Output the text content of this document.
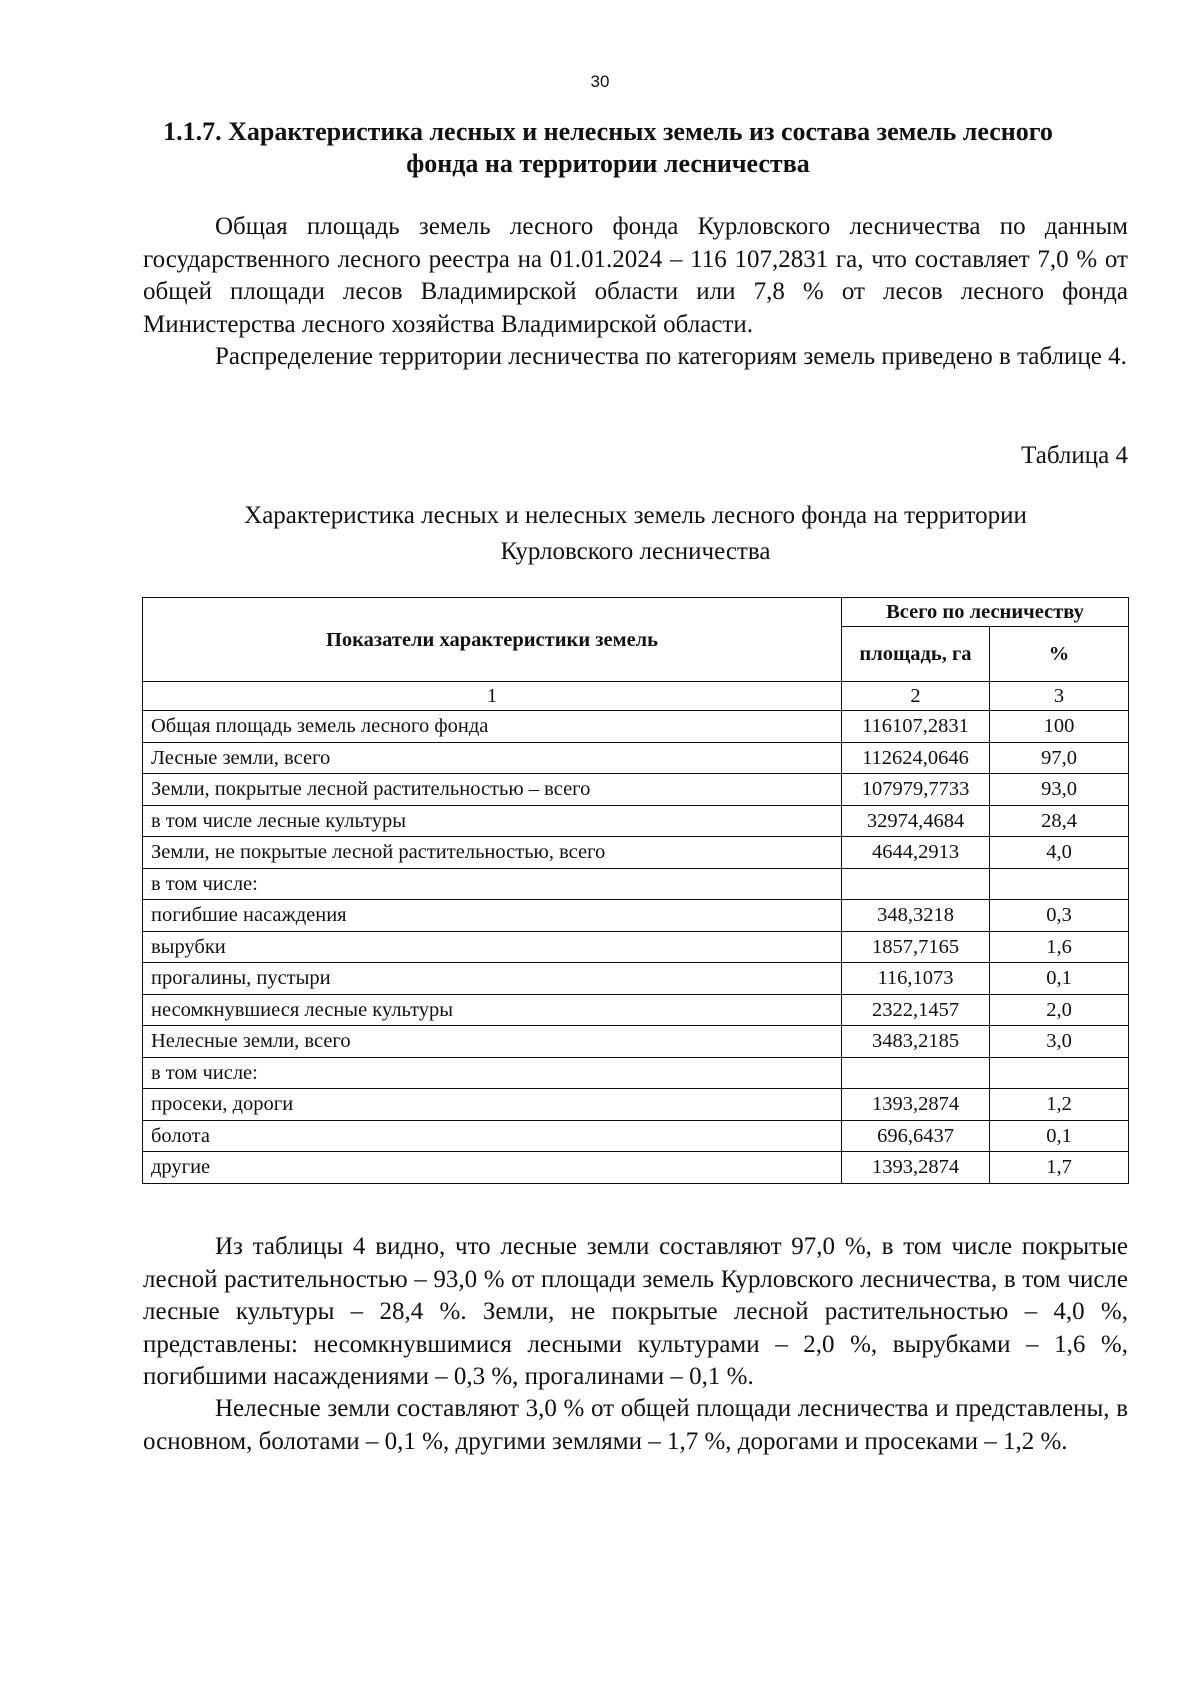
30
1.1.7. Характеристика лесных и нелесных земель из состава земель лесного фонда на территории лесничества

Общая площадь земель лесного фонда Курловского лесничества по данным государственного лесного реестра на 01.01.2024 – 116 107,2831 га, что составляет 7,0 % от общей площади лесов Владимирской области или 7,8 % от лесов лесного фонда Министерства лесного хозяйства Владимирской области.

Распределение территории лесничества по категориям земель приведено в таблице 4.

Таблица 4
Характеристика лесных и нелесных земель лесного фонда на территории
Курловского лесничества
Показатели характеристики земель	Всего по лесничеству	
	площадь, га	%
1	2	3
Общая площадь земель лесного фонда	116107,2831	100
Лесные земли, всего	112624,0646	97,0
Земли, покрытые лесной растительностью – всего	107979,7733	93,0
в том числе лесные культуры	32974,4684	28,4
Земли, не покрытые лесной растительностью, всего	4644,2913	4,0
в том числе:		
погибшие насаждения	348,3218	0,3
вырубки	1857,7165	1,6
прогалины, пустыри	116,1073	0,1
несомкнувшиеся лесные культуры	2322,1457	2,0
Нелесные земли, всего	3483,2185	3,0
в том числе:		
просеки, дороги	1393,2874	1,2
болота	696,6437	0,1
другие	1393,2874	1,7

Из таблицы 4 видно, что лесные земли составляют 97,0 %, в том числе покрытые лесной растительностью – 93,0 % от площади земель Курловского лесничества, в том числе лесные культуры – 28,4 %. Земли, не покрытые лесной растительностью – 4,0 %, представлены: несомкнувшимися лесными культурами – 2,0 %, вырубками – 1,6 %, погибшими насаждениями – 0,3 %, прогалинами – 0,1 %.

Нелесные земли составляют 3,0 % от общей площади лесничества и представлены, в основном, болотами – 0,1 %, другими землями – 1,7 %, дорогами и просеками – 1,2 %.
